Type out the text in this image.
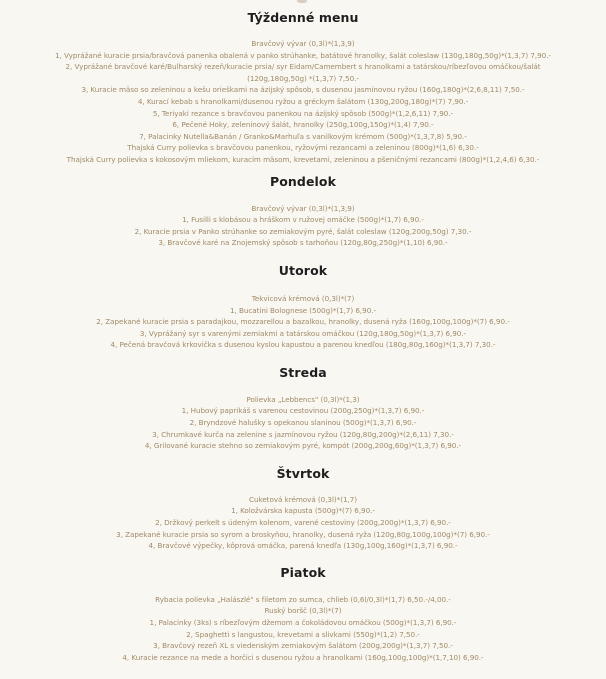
Týždenné menu
Bravčový vývar (0,3l)*(1,3,9)
1, Vyprážané kuracie prsia/bravčová panenka obalená v panko strúhanke, batátové hranolky, šalát coleslaw (130g,180g,50g)*(1,3,7) 7,90.-
2, Vyprážané bravčové karé/Bulharský rezeň/kuracie prsia/ syr Eidam/Camembert s hranolkami a tatárskou/ríbezľovou omáčkou/šalát (120g,180g,50g) *(1,3,7) 7,50.-
3, Kuracie mäso so zeleninou a kešu orieškami na ázijský spôsob, s dusenou jasmínovou ryžou (160g,180g)*(2,6,8,11) 7,50.-
4, Kurací kebab s hranolkami/dusenou ryžou a gréckym šalátom (130g,200g,180g)*(7) 7,90.-
5, Teriyaki rezance s bravčovou panenkou na ázijský spôsob (500g)*(1,2,6,11) 7,90.-
6, Pečené Hoky, zeleninový šalát, hranolky (250g,100g,150g)*(1,4) 7,90.-
7, Palacinky Nutella&Banán / Granko&Marhuľa s vanilkovým krémom (500g)*(1,3,7,8) 5,90.-
Thajská Curry polievka s bravčovou panenkou, ryžovými rezancami a zeleninou (800g)*(1,6) 6,30.-
Thajská Curry polievka s kokosovým mliekom, kuracím mäsom, krevetami, zeleninou a pšeničnými rezancami (800g)*(1,2,4,6) 6,30.-
Pondelok
Bravčový vývar (0,3l)*(1,3,9)
1, Fusilli s klobásou a hráškom v ružovej omáčke (500g)*(1,7) 6,90.-
2, Kuracie prsia v Panko strúhanke so zemiakovým pyré, šalát coleslaw (120g,200g,50g) 7,30.-
3, Bravčové karé na Znojemský spôsob s tarhoňou (120g,80g,250g)*(1,10) 6,90.-
Utorok
Tekvicová krémová (0,3l)*(7)
1, Bucatini Bolognese (500g)*(1,7) 6,90.-
2, Zapekané kuracie prsia s paradajkou, mozzarellou a bazalkou, hranolky, dusená ryža (160g,100g,100g)*(7) 6,90.-
3, Vyprážaný syr s varenými zemiakmi a tatárskou omáčkou (120g,180g,50g)*(1,3,7) 6,90.-
4, Pečená bravčová krkovička s dusenou kyslou kapustou a parenou knedľou (180g,80g,160g)*(1,3,7) 7,30.-
Streda
Polievka „Lebbencs" (0,3l)*(1,3)
1, Hubový paprikáš s varenou cestovinou (200g,250g)*(1,3,7) 6,90.-
2, Bryndzové halušky s opekanou slaninou (500g)*(1,3,7) 6,90.-
3, Chrumkavé kurča na zelenine s jazmínovou ryžou (120g,80g,200g)*(2,6,11) 7,30.-
4, Grilované kuracie stehno so zemiakovým pyré, kompót (200g,200g,60g)*(1,3,7) 6,90.-
Štvrtok
Cuketová krémová (0,3l)*(1,7)
1, Koložvárska kapusta (500g)*(7) 6,90.-
2, Držkový perkelt s údeným kolenom, varené cestoviny (200g,200g)*(1,3,7) 6,90.-
3, Zapekané kuracie prsia so syrom a broskyňou, hranolky, dusená ryža (120g,80g,100g,100g)*(7) 6,90.-
4, Bravčové výpečky, kôprová omáčka, parená knedľa (130g,100g,160g)*(1,3,7) 6,90.-
Piatok
Rybacia polievka „Halászlé" s filetom zo sumca, chlieb (0,6l/0,3l)*(1,7) 6,50.-/4,00.-
Ruský boršč (0,3l)*(7)
1, Palacinky (3ks) s ríbezľovým džemom a čokoládovou omáčkou (500g)*(1,3,7) 6,90.-
2, Spaghetti s langustou, krevetami a slivkami (550g)*(1,2) 7,50.-
3, Bravčový rezeň XL s viedenským zemiakovým šalátom (200g,200g)*(1,3,7) 7,50.-
4, Kuracie rezance na mede a horčici s dusenou ryžou a hranolkami (160g,100g,100g)*(1,7,10) 6,90.-
